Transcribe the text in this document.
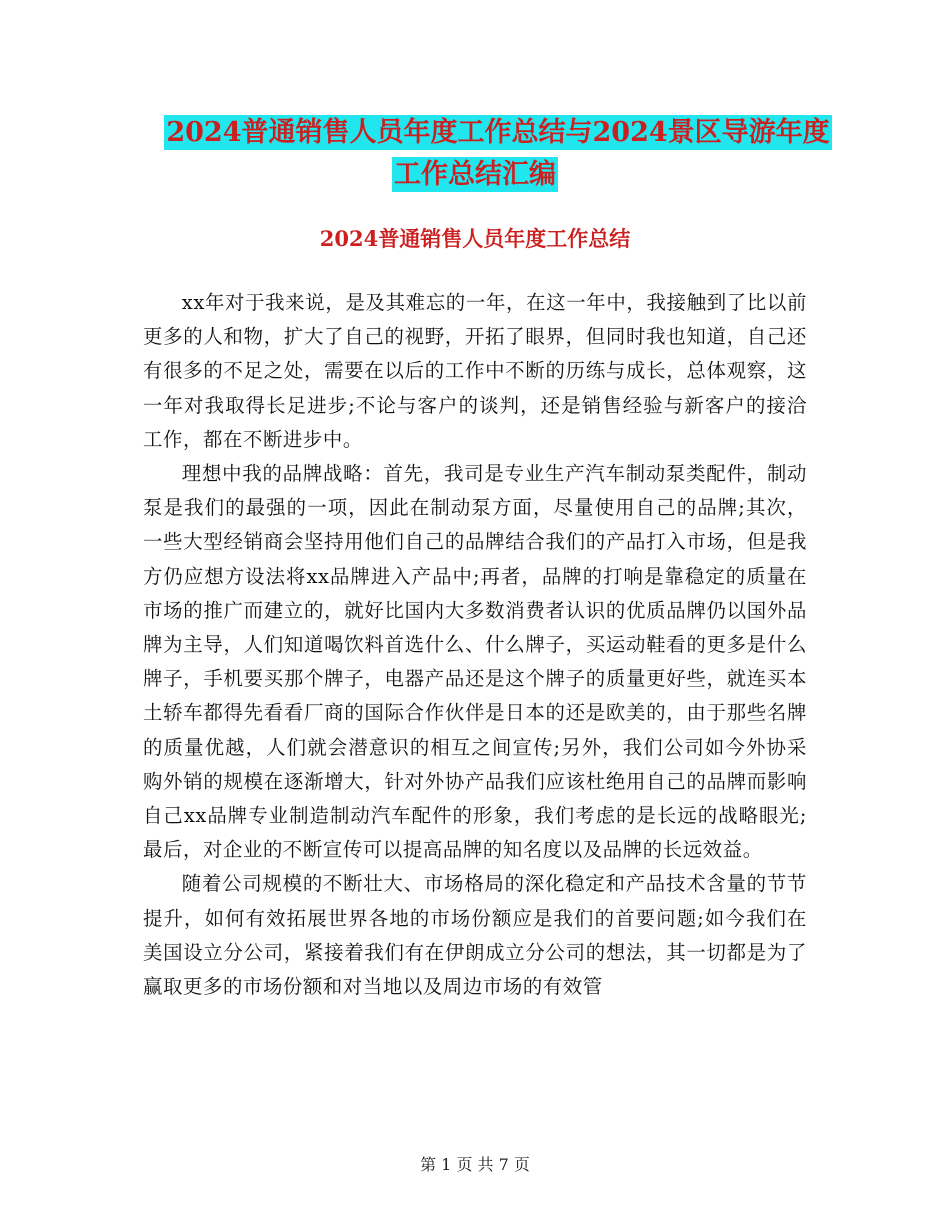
2024普通销售人员年度工作总结与2024景区导游年度
工作总结汇编
2024普通销售人员年度工作总结

xx年对于我来说，是及其难忘的一年，在这一年中，我接触到了比以前更多的人和物，扩大了自己的视野，开拓了眼界，但同时我也知道，自己还有很多的不足之处，需要在以后的工作中不断的历练与成长，总体观察，这一年对我取得长足进步;不论与客户的谈判，还是销售经验与新客户的接洽工作，都在不断进步中。

理想中我的品牌战略：首先，我司是专业生产汽车制动泵类配件，制动泵是我们的最强的一项，因此在制动泵方面，尽量使用自己的品牌;其次，一些大型经销商会坚持用他们自己的品牌结合我们的产品打入市场，但是我方仍应想方设法将xx品牌进入产品中;再者，品牌的打响是靠稳定的质量在市场的推广而建立的，就好比国内大多数消费者认识的优质品牌仍以国外品牌为主导，人们知道喝饮料首选什么、什么牌子，买运动鞋看的更多是什么牌子，手机要买那个牌子，电器产品还是这个牌子的质量更好些，就连买本土轿车都得先看看厂商的国际合作伙伴是日本的还是欧美的，由于那些名牌的质量优越，人们就会潜意识的相互之间宣传;另外，我们公司如今外协采购外销的规模在逐渐增大，针对外协产品我们应该杜绝用自己的品牌而影响自己xx品牌专业制造制动汽车配件的形象，我们考虑的是长远的战略眼光;最后，对企业的不断宣传可以提高品牌的知名度以及品牌的长远效益。

随着公司规模的不断壮大、市场格局的深化稳定和产品技术含量的节节提升，如何有效拓展世界各地的市场份额应是我们的首要问题;如今我们在美国设立分公司，紧接着我们有在伊朗成立分公司的想法，其一切都是为了赢取更多的市场份额和对当地以及周边市场的有效管

第 1 页 共 7 页
